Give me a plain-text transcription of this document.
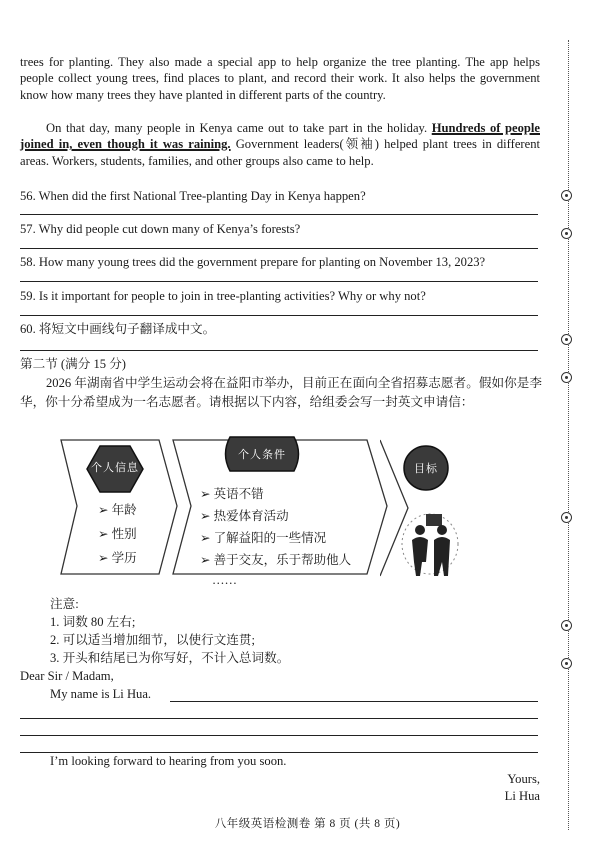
trees for planting. They also made a special app to help organize the tree planting. The app helps people collect young trees, find places to plant, and record their work. It also helps the government know how many trees they have planted in different parts of the country.

On that day, many people in Kenya came out to take part in the holiday. Hundreds of people joined in, even though it was raining. Government leaders(领袖) helped plant trees in different areas. Workers, students, families, and other groups also came to help.

56. When did the first National Tree-planting Day in Kenya happen?
57. Why did people cut down many of Kenya’s forests?
58. How many young trees did the government prepare for planting on November 13, 2023?
59. Is it important for people to join in tree-planting activities? Why or why not?
60. 将短文中画线句子翻译成中文。
第二节 (满分 15 分)

2026 年湖南省中学生运动会将在益阳市举办，目前正在面向全省招募志愿者。假如你是李华，你十分希望成为一名志愿者。请根据以下内容，给组委会写一封英文申请信：

个人信息
个人条件
目标
➢ 年龄
➢ 性别
➢ 学历
➢ 英语不错
➢ 热爱体育活动
➢ 了解益阳的一些情况
➢ 善于交友，乐于帮助他人
……
注意:
1. 词数 80 左右;
2. 可以适当增加细节，以使行文连贯;
3. 开头和结尾已为你写好，不计入总词数。
Dear Sir / Madam,
My name is Li Hua.
I’m looking forward to hearing from you soon.
Yours,
Li Hua
八年级英语检测卷 第 8 页 (共 8 页)
